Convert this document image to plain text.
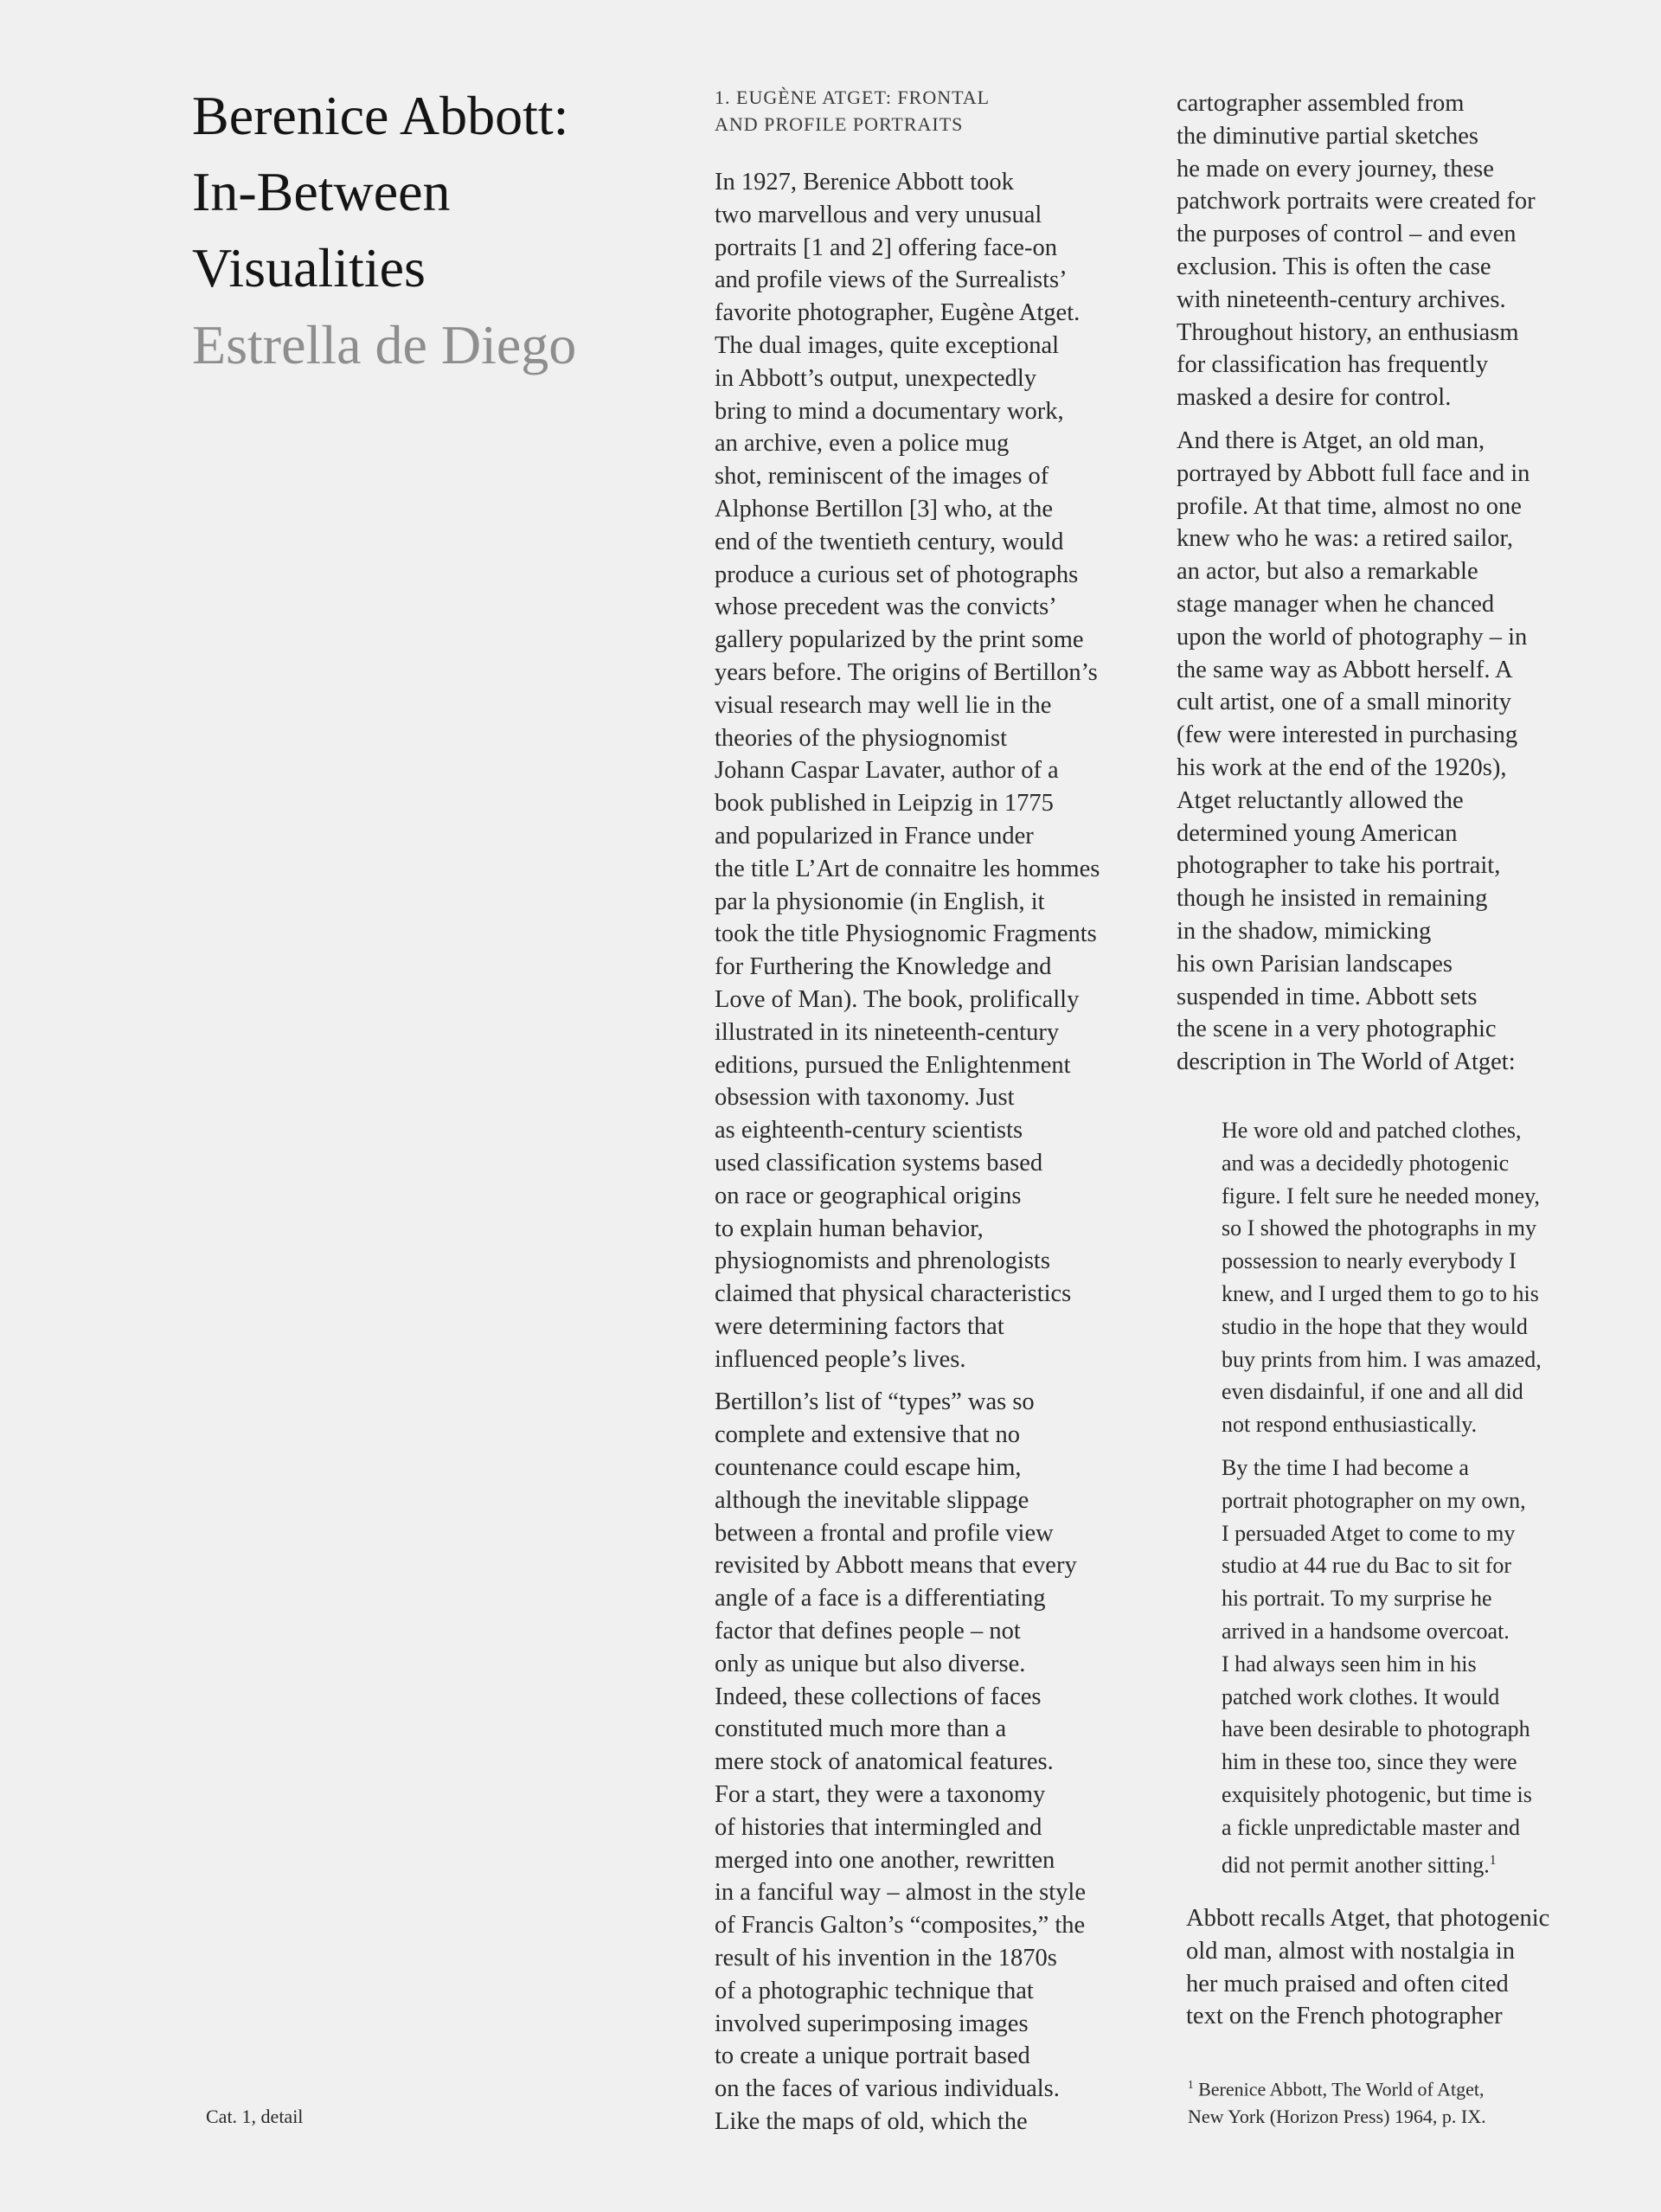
Berenice Abbott:
In-Between
Visualities
Estrella de Diego
Cat. 1, detail
1. EUGÈNE ATGET: FRONTAL
AND PROFILE PORTRAITS
In 1927, Berenice Abbott took
two marvellous and very unusual
portraits [1 and 2] offering face-on
and profile views of the Surrealists’
favorite photographer, Eugène Atget.
The dual images, quite exceptional
in Abbott’s output, unexpectedly
bring to mind a documentary work,
an archive, even a police mug
shot, reminiscent of the images of
Alphonse Bertillon [3] who, at the
end of the twentieth century, would
produce a curious set of photographs
whose precedent was the convicts’
gallery popularized by the print some
years before. The origins of Bertillon’s
visual research may well lie in the
theories of the physiognomist
Johann Caspar Lavater, author of a
book published in Leipzig in 1775
and popularized in France under
the title L’Art de connaitre les hommes
par la physionomie (in English, it
took the title Physiognomic Fragments
for Furthering the Knowledge and
Love of Man). The book, prolifically
illustrated in its nineteenth-century
editions, pursued the Enlightenment
obsession with taxonomy. Just
as eighteenth-century scientists
used classification systems based
on race or geographical origins
to explain human behavior,
physiognomists and phrenologists
claimed that physical characteristics
were determining factors that
influenced people’s lives.
Bertillon’s list of “types” was so
complete and extensive that no
countenance could escape him,
although the inevitable slippage
between a frontal and profile view
revisited by Abbott means that every
angle of a face is a differentiating
factor that defines people – not
only as unique but also diverse.
Indeed, these collections of faces
constituted much more than a
mere stock of anatomical features.
For a start, they were a taxonomy
of histories that intermingled and
merged into one another, rewritten
in a fanciful way – almost in the style
of Francis Galton’s “composites,” the
result of his invention in the 1870s
of a photographic technique that
involved superimposing images
to create a unique portrait based
on the faces of various individuals.
Like the maps of old, which the
cartographer assembled from
the diminutive partial sketches
he made on every journey, these
patchwork portraits were created for
the purposes of control – and even
exclusion. This is often the case
with nineteenth-century archives.
Throughout history, an enthusiasm
for classification has frequently
masked a desire for control.
And there is Atget, an old man,
portrayed by Abbott full face and in
profile. At that time, almost no one
knew who he was: a retired sailor,
an actor, but also a remarkable
stage manager when he chanced
upon the world of photography – in
the same way as Abbott herself. A
cult artist, one of a small minority
(few were interested in purchasing
his work at the end of the 1920s),
Atget reluctantly allowed the
determined young American
photographer to take his portrait,
though he insisted in remaining
in the shadow, mimicking
his own Parisian landscapes
suspended in time. Abbott sets
the scene in a very photographic
description in The World of Atget:
He wore old and patched clothes,
and was a decidedly photogenic
figure. I felt sure he needed money,
so I showed the photographs in my
possession to nearly everybody I
knew, and I urged them to go to his
studio in the hope that they would
buy prints from him. I was amazed,
even disdainful, if one and all did
not respond enthusiastically.
By the time I had become a
portrait photographer on my own,
I persuaded Atget to come to my
studio at 44 rue du Bac to sit for
his portrait. To my surprise he
arrived in a handsome overcoat.
I had always seen him in his
patched work clothes. It would
have been desirable to photograph
him in these too, since they were
exquisitely photogenic, but time is
a fickle unpredictable master and
did not permit another sitting.$^1$
Abbott recalls Atget, that photogenic
old man, almost with nostalgia in
her much praised and often cited
text on the French photographer
$^1$ Berenice Abbott, The World of Atget,
New York (Horizon Press) 1964, p. IX.
